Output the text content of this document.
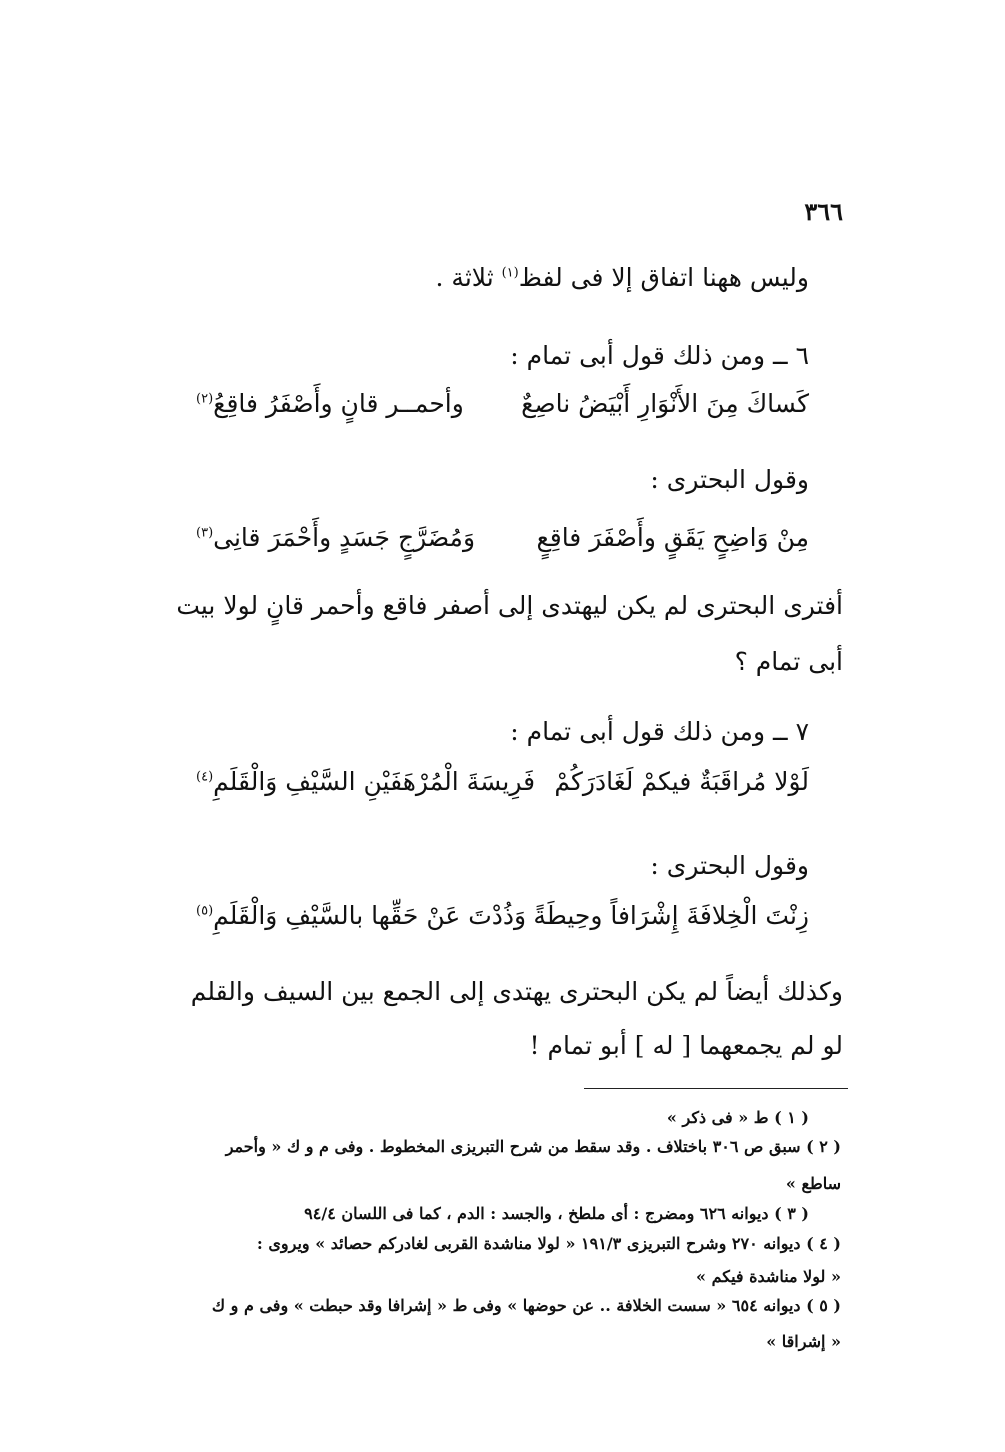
٣٦٦
وليس ههنا اتفاق إلا فى لفظ$^{(١)}$ ثلاثة .
٦ ــ ومن ذلك قول أبى تمام :
كَساكَ مِنَ الأَنْوَارِ أَبْيَضُ ناصِعٌ
وأحمــر قانٍ وأَصْفَرُ فاقِعُ$^{(٢)}$
وقول البحترى :
مِنْ وَاضِحٍ يَقَقٍ وأَصْفَرَ فاقِعٍ
وَمُضَرَّجٍ جَسَدٍ وأَحْمَرَ قانِى$^{(٣)}$
أفترى البحترى لم يكن ليهتدى إلى أصفر فاقع وأحمر قانٍ لولا بيت
أبى تمام ؟
٧ ــ ومن ذلك قول أبى تمام :
لَوْلا مُراقَبَةٌ فيكمْ لَغَادَرَكُمْ
فَرِيسَةَ الْمُرْهَفَيْنِ السَّيْفِ وَالْقَلَمِ$^{(٤)}$
وقول البحترى :
زِنْتَ الْخِلافَةَ إِشْرَافاً وحِيطَةً
وَذُدْتَ عَنْ حَقِّها بالسَّيْفِ وَالْقَلَمِ$^{(٥)}$
وكذلك أيضاً لم يكن البحترى يهتدى إلى الجمع بين السيف والقلم
لو لم يجمعهما [ له ] أبو تمام !
( ١ ) ط « فى ذكر »
( ٢ ) سبق ص ٣٠٦ باختلاف . وقد سقط من شرح التبريزى المخطوط . وفى م و ك « وأحمر
ساطع »
( ٣ ) ديوانه ٦٢٦ ومضرج : أى ملطخ ، والجسد : الدم ، كما فى اللسان ٩٤/٤
( ٤ ) ديوانه ٢٧٠ وشرح التبريزى ١٩١/٣ « لولا مناشدة القربى لغادركم حصائد » ويروى :
« لولا مناشدة فيكم »
( ٥ ) ديوانه ٦٥٤ « سست الخلافة .. عن حوضها » وفى ط « إشرافا وقد حبطت » وفى م و ك
« إشراقا »
